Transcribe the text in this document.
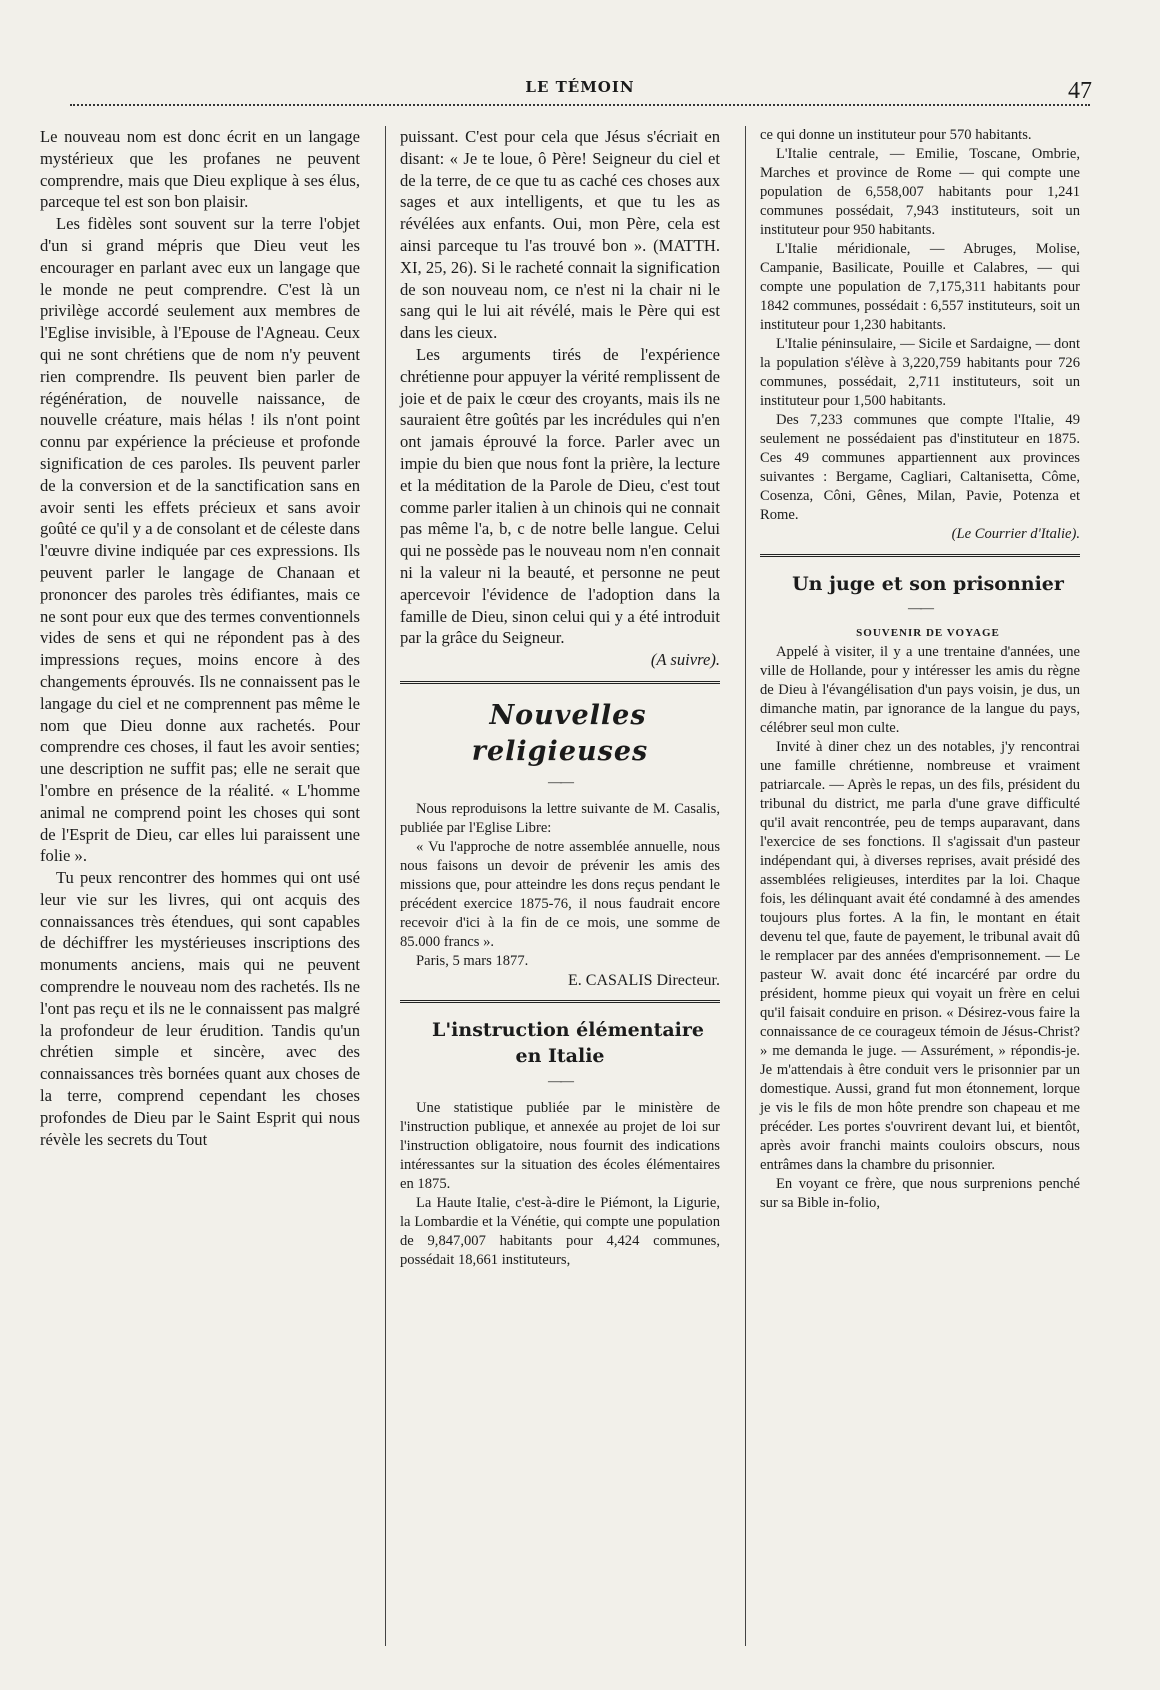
LE TÉMOIN	47

Le nouveau nom est donc écrit en un langage mystérieux que les profanes ne peuvent comprendre, mais que Dieu explique à ses élus, parceque tel est son bon plaisir.

Les fidèles sont souvent sur la terre l'objet d'un si grand mépris que Dieu veut les encourager en parlant avec eux un langage que le monde ne peut comprendre. C'est là un privilège accordé seulement aux membres de l'Eglise invisible, à l'Epouse de l'Agneau. Ceux qui ne sont chrétiens que de nom n'y peuvent rien comprendre. Ils peuvent bien parler de régénération, de nouvelle naissance, de nouvelle créature, mais hélas ! ils n'ont point connu par expérience la précieuse et profonde signification de ces paroles. Ils peuvent parler de la conversion et de la sanctification sans en avoir senti les effets précieux et sans avoir goûté ce qu'il y a de consolant et de céleste dans l'œuvre divine indiquée par ces expressions. Ils peuvent parler le langage de Chanaan et prononcer des paroles très édifiantes, mais ce ne sont pour eux que des termes conventionnels vides de sens et qui ne répondent pas à des impressions reçues, moins encore à des changements éprouvés. Ils ne connaissent pas le langage du ciel et ne comprennent pas même le nom que Dieu donne aux rachetés. Pour comprendre ces choses, il faut les avoir senties; une description ne suffit pas; elle ne serait que l'ombre en présence de la réalité. « L'homme animal ne comprend point les choses qui sont de l'Esprit de Dieu, car elles lui paraissent une folie ».

Tu peux rencontrer des hommes qui ont usé leur vie sur les livres, qui ont acquis des connaissances très étendues, qui sont capables de déchiffrer les mystérieuses inscriptions des monuments anciens, mais qui ne peuvent comprendre le nouveau nom des rachetés. Ils ne l'ont pas reçu et ils ne le connaissent pas malgré la profondeur de leur érudition. Tandis qu'un chrétien simple et sincère, avec des connaissances très bornées quant aux choses de la terre, comprend cependant les choses profondes de Dieu par le Saint Esprit qui nous révèle les secrets du Tout

puissant. C'est pour cela que Jésus s'écriait en disant: « Je te loue, ô Père! Seigneur du ciel et de la terre, de ce que tu as caché ces choses aux sages et aux intelligents, et que tu les as révélées aux enfants. Oui, mon Père, cela est ainsi parceque tu l'as trouvé bon ». (MATTH. XI, 25, 26). Si le racheté connait la signification de son nouveau nom, ce n'est ni la chair ni le sang qui le lui ait révélé, mais le Père qui est dans les cieux.

Les arguments tirés de l'expérience chrétienne pour appuyer la vérité remplissent de joie et de paix le cœur des croyants, mais ils ne sauraient être goûtés par les incrédules qui n'en ont jamais éprouvé la force. Parler avec un impie du bien que nous font la prière, la lecture et la méditation de la Parole de Dieu, c'est tout comme parler italien à un chinois qui ne connait pas même l'a, b, c de notre belle langue. Celui qui ne possède pas le nouveau nom n'en connait ni la valeur ni la beauté, et personne ne peut apercevoir l'évidence de l'adoption dans la famille de Dieu, sinon celui qui y a été introduit par la grâce du Seigneur.

(A suivre).

Nouvelles religieuses

——

Nous reproduisons la lettre suivante de M. Casalis, publiée par l'Eglise Libre:

« Vu l'approche de notre assemblée annuelle, nous nous faisons un devoir de prévenir les amis des missions que, pour atteindre les dons reçus pendant le précédent exercice 1875-76, il nous faudrait encore recevoir d'ici à la fin de ce mois, une somme de 85.000 francs ».

Paris, 5 mars 1877.

E. CASALIS Directeur.

L'instruction élémentaire en Italie

——

Une statistique publiée par le ministère de l'instruction publique, et annexée au projet de loi sur l'instruction obligatoire, nous fournit des indications intéressantes sur la situation des écoles élémentaires en 1875.

La Haute Italie, c'est-à-dire le Piémont, la Ligurie, la Lombardie et la Vénétie, qui compte une population de 9,847,007 habitants pour 4,424 communes, possédait 18,661 instituteurs,

ce qui donne un instituteur pour 570 habitants.

L'Italie centrale, — Emilie, Toscane, Ombrie, Marches et province de Rome — qui compte une population de 6,558,007 habitants pour 1,241 communes possédait, 7,943 instituteurs, soit un instituteur pour 950 habitants.

L'Italie méridionale, — Abruges, Molise, Campanie, Basilicate, Pouille et Calabres, — qui compte une population de 7,175,311 habitants pour 1842 communes, possédait : 6,557 instituteurs, soit un instituteur pour 1,230 habitants.

L'Italie péninsulaire, — Sicile et Sardaigne, — dont la population s'élève à 3,220,759 habitants pour 726 communes, possédait, 2,711 instituteurs, soit un instituteur pour 1,500 habitants.

Des 7,233 communes que compte l'Italie, 49 seulement ne possédaient pas d'instituteur en 1875. Ces 49 communes appartiennent aux provinces suivantes : Bergame, Cagliari, Caltanisetta, Côme, Cosenza, Côni, Gênes, Milan, Pavie, Potenza et Rome.

(Le Courrier d'Italie).

Un juge et son prisonnier

——

SOUVENIR DE VOYAGE

Appelé à visiter, il y a une trentaine d'années, une ville de Hollande, pour y intéresser les amis du règne de Dieu à l'évangélisation d'un pays voisin, je dus, un dimanche matin, par ignorance de la langue du pays, célébrer seul mon culte.

Invité à diner chez un des notables, j'y rencontrai une famille chrétienne, nombreuse et vraiment patriarcale. — Après le repas, un des fils, président du tribunal du district, me parla d'une grave difficulté qu'il avait rencontrée, peu de temps auparavant, dans l'exercice de ses fonctions. Il s'agissait d'un pasteur indépendant qui, à diverses reprises, avait présidé des assemblées religieuses, interdites par la loi. Chaque fois, les délinquant avait été condamné à des amendes toujours plus fortes. A la fin, le montant en était devenu tel que, faute de payement, le tribunal avait dû le remplacer par des années d'emprisonnement. — Le pasteur W. avait donc été incarcéré par ordre du président, homme pieux qui voyait un frère en celui qu'il faisait conduire en prison. « Désirez-vous faire la connaissance de ce courageux témoin de Jésus-Christ? » me demanda le juge. — Assurément, » répondis-je. Je m'attendais à être conduit vers le prisonnier par un domestique. Aussi, grand fut mon étonnement, lorque je vis le fils de mon hôte prendre son chapeau et me précéder. Les portes s'ouvrirent devant lui, et bientôt, après avoir franchi maints couloirs obscurs, nous entrâmes dans la chambre du prisonnier.

En voyant ce frère, que nous surprenions penché sur sa Bible in-folio,
